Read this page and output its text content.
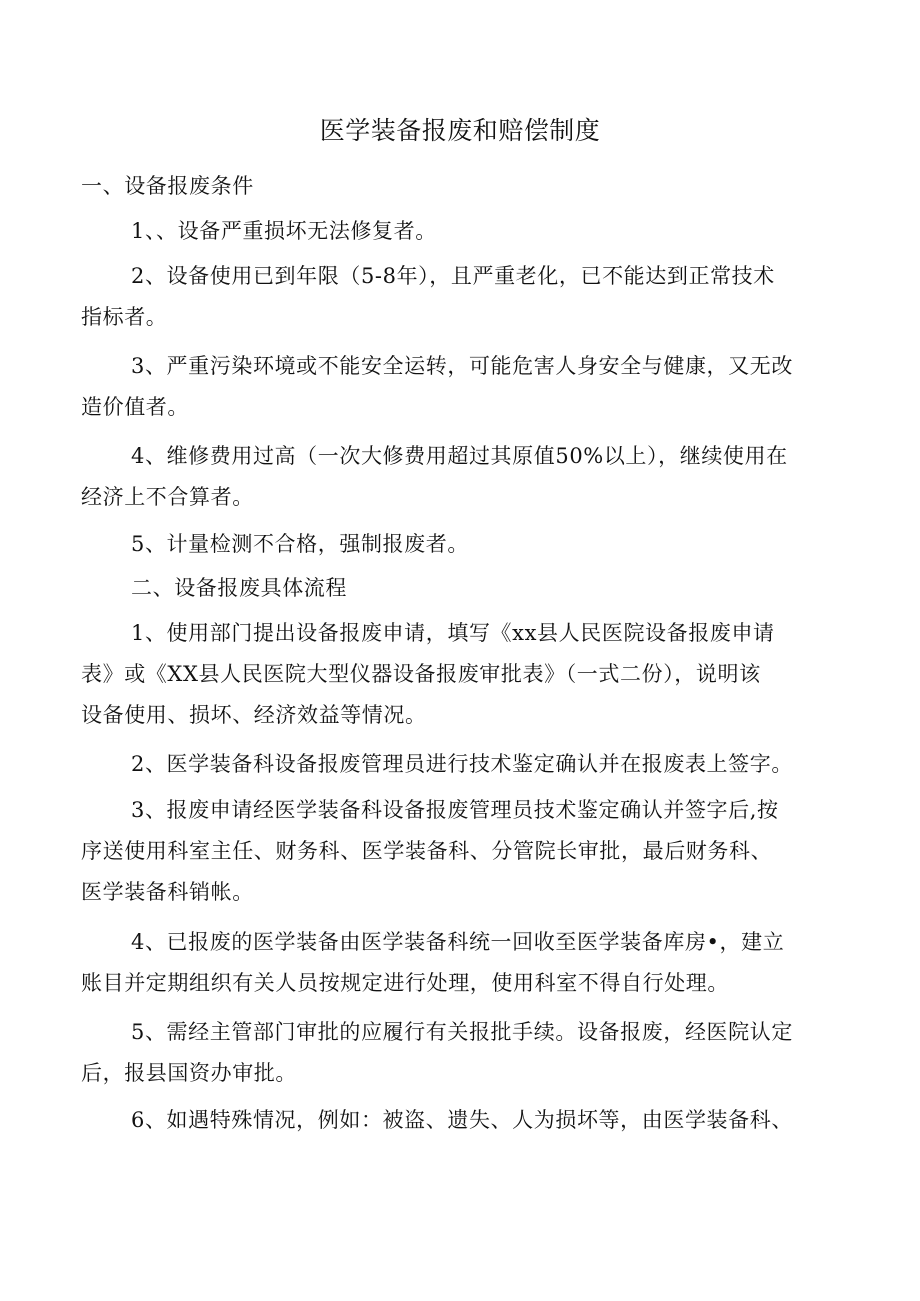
医学装备报废和赔偿制度
一、设备报废条件
1、、设备严重损坏无法修复者。
2、设备使用已到年限（5-8年），且严重老化，已不能达到正常技术
指标者。
3、严重污染环境或不能安全运转，可能危害人身安全与健康，又无改
造价值者。
4、维修费用过高（一次大修费用超过其原值50%以上），继续使用在
经济上不合算者。
5、计量检测不合格，强制报废者。
二、设备报废具体流程
1、使用部门提出设备报废申请，填写《xx县人民医院设备报废申请
表》或《XX县人民医院大型仪器设备报废审批表》（一式二份），说明该
设备使用、损坏、经济效益等情况。
2、医学装备科设备报废管理员进行技术鉴定确认并在报废表上签字。
3、报废申请经医学装备科设备报废管理员技术鉴定确认并签字后,按
序送使用科室主任、财务科、医学装备科、分管院长审批，最后财务科、
医学装备科销帐。
4、已报废的医学装备由医学装备科统一回收至医学装备库房•，建立
账目并定期组织有关人员按规定进行处理，使用科室不得自行处理。
5、需经主管部门审批的应履行有关报批手续。设备报废，经医院认定
后，报县国资办审批。
6、如遇特殊情况，例如：被盗、遗失、人为损坏等，由医学装备科、
